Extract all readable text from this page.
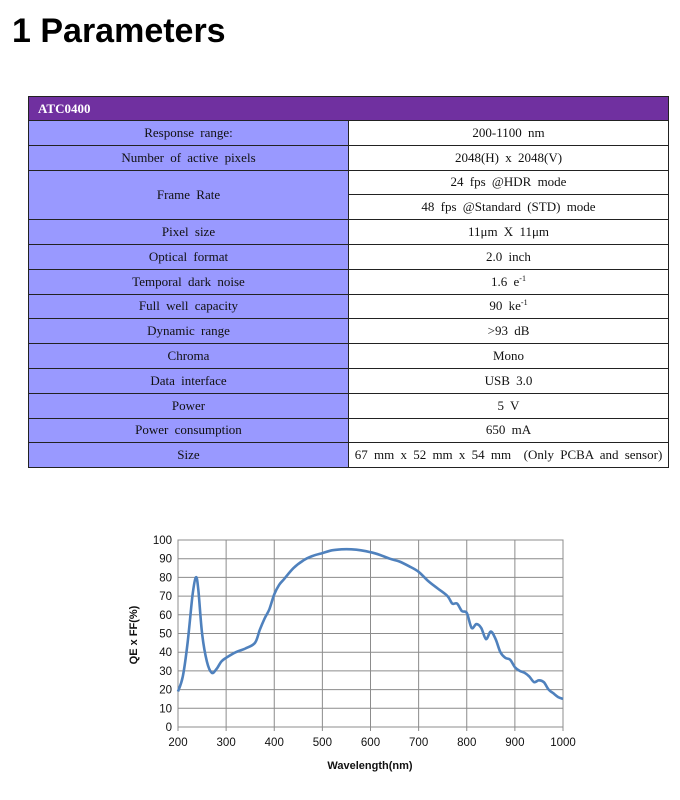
1 Parameters
ATC0400	
Response range:	200-1100 nm
Number of active pixels	2048(H) x 2048(V)
Frame Rate	24 fps @HDR mode
	48 fps @Standard (STD) mode
Pixel size	11μm X 11μm
Optical format	2.0 inch
Temporal dark noise	1.6 $e^{-1}$
Full well capacity	90 $ke^{-1}$
Dynamic range	>93 dB
Chroma	Mono
Data interface	USB 3.0
Power	5 V
Power consumption	650 mA
Size	67 mm x 52 mm x 54 mm  (Only PCBA and sensor)
0
10
20
30
40
50
60
70
80
90
100
200	300	400	500	600	700	800	900 1000
Wavelength(nm)
QE x FF(%)
